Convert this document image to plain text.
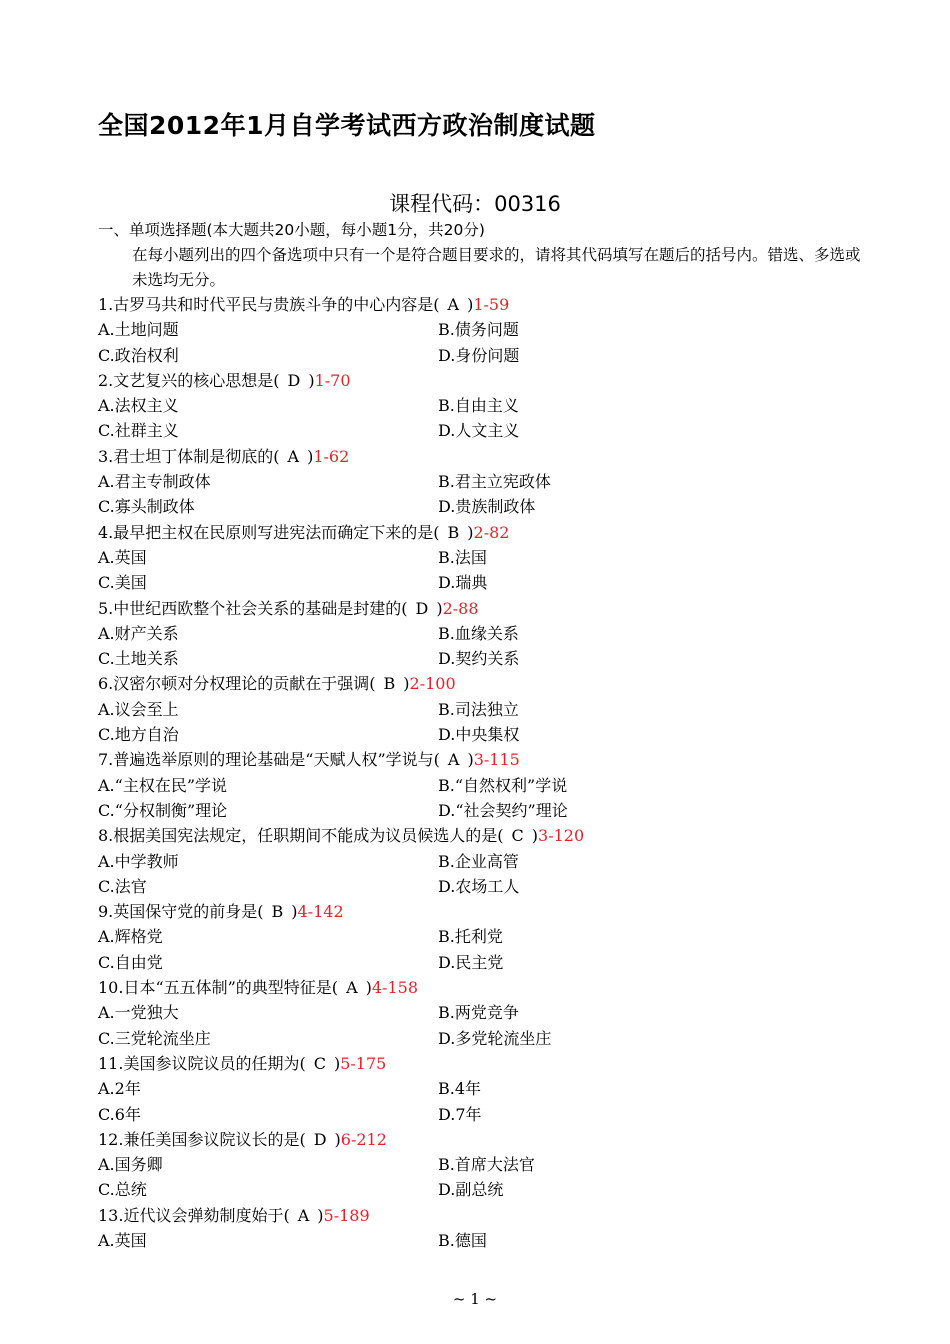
全国2012年1月自学考试西方政治制度试题
课程代码：00316
一、单项选择题(本大题共20小题，每小题1分，共20分)
在每小题列出的四个备选项中只有一个是符合题目要求的，请将其代码填写在题后的括号内。错选、多选或未选均无分。
1.古罗马共和时代平民与贵族斗争的中心内容是( A )1-59
A.土地问题	B.债务问题
C.政治权利	D.身份问题
2.文艺复兴的核心思想是( D )1-70
A.法权主义	B.自由主义
C.社群主义	D.人文主义
3.君士坦丁体制是彻底的( A )1-62
A.君主专制政体	B.君主立宪政体
C.寡头制政体	D.贵族制政体
4.最早把主权在民原则写进宪法而确定下来的是( B )2-82
A.英国	B.法国
C.美国	D.瑞典
5.中世纪西欧整个社会关系的基础是封建的( D )2-88
A.财产关系	B.血缘关系
C.土地关系	D.契约关系
6.汉密尔顿对分权理论的贡献在于强调( B )2-100
A.议会至上	B.司法独立
C.地方自治	D.中央集权
7.普遍选举原则的理论基础是“天赋人权”学说与( A )3-115
A.“主权在民”学说	B.“自然权利”学说
C.“分权制衡”理论	D.“社会契约”理论
8.根据美国宪法规定，任职期间不能成为议员候选人的是( C )3-120
A.中学教师	B.企业高管
C.法官	D.农场工人
9.英国保守党的前身是( B )4-142
A.辉格党	B.托利党
C.自由党	D.民主党
10.日本“五五体制”的典型特征是( A )4-158
A.一党独大	B.两党竞争
C.三党轮流坐庄	D.多党轮流坐庄
11.美国参议院议员的任期为( C )5-175
A.2年	B.4年
C.6年	D.7年
12.兼任美国参议院议长的是( D )6-212
A.国务卿	B.首席大法官
C.总统	D.副总统
13.近代议会弹劾制度始于( A )5-189
A.英国	B.德国
~ 1 ~
